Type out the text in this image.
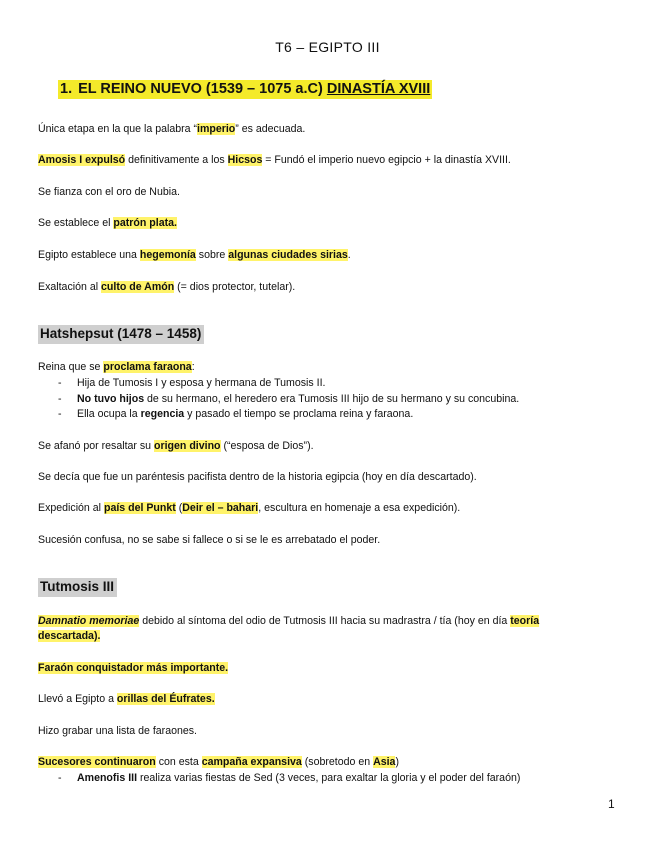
T6 – EGIPTO III
1. EL REINO NUEVO (1539 – 1075 a.C) DINASTÍA XVIII
Única etapa en la que la palabra “imperio” es adecuada.
Amosis I expulsó definitivamente a los Hicsos = Fundó el imperio nuevo egipcio + la dinastía XVIII.
Se fianza con el oro de Nubia.
Se establece el patrón plata.
Egipto establece una hegemonía sobre algunas ciudades sirias.
Exaltación al culto de Amón (= dios protector, tutelar).
Hatshepsut (1478 – 1458)
Reina que se proclama faraona:
- Hija de Tumosis I y esposa y hermana de Tumosis II.
- No tuvo hijos de su hermano, el heredero era Tumosis III hijo de su hermano y su concubina.
- Ella ocupa la regencia y pasado el tiempo se proclama reina y faraona.
Se afanó por resaltar su origen divino (“esposa de Dios”).
Se decía que fue un paréntesis pacifista dentro de la historia egipcia (hoy en día descartado).
Expedición al país del Punkt (Deir el – bahari, escultura en homenaje a esa expedición).
Sucesión confusa, no se sabe si fallece o si se le es arrebatado el poder.
Tutmosis III
Damnatio memoriae debido al síntoma del odio de Tutmosis III hacia su madrastra / tía (hoy en día teoría
descartada).
Faraón conquistador más importante.
Llevó a Egipto a orillas del Éufrates.
Hizo grabar una lista de faraones.
Sucesores continuaron con esta campaña expansiva (sobretodo en Asia)
- Amenofis III realiza varias fiestas de Sed (3 veces, para exaltar la gloria y el poder del faraón)
1
